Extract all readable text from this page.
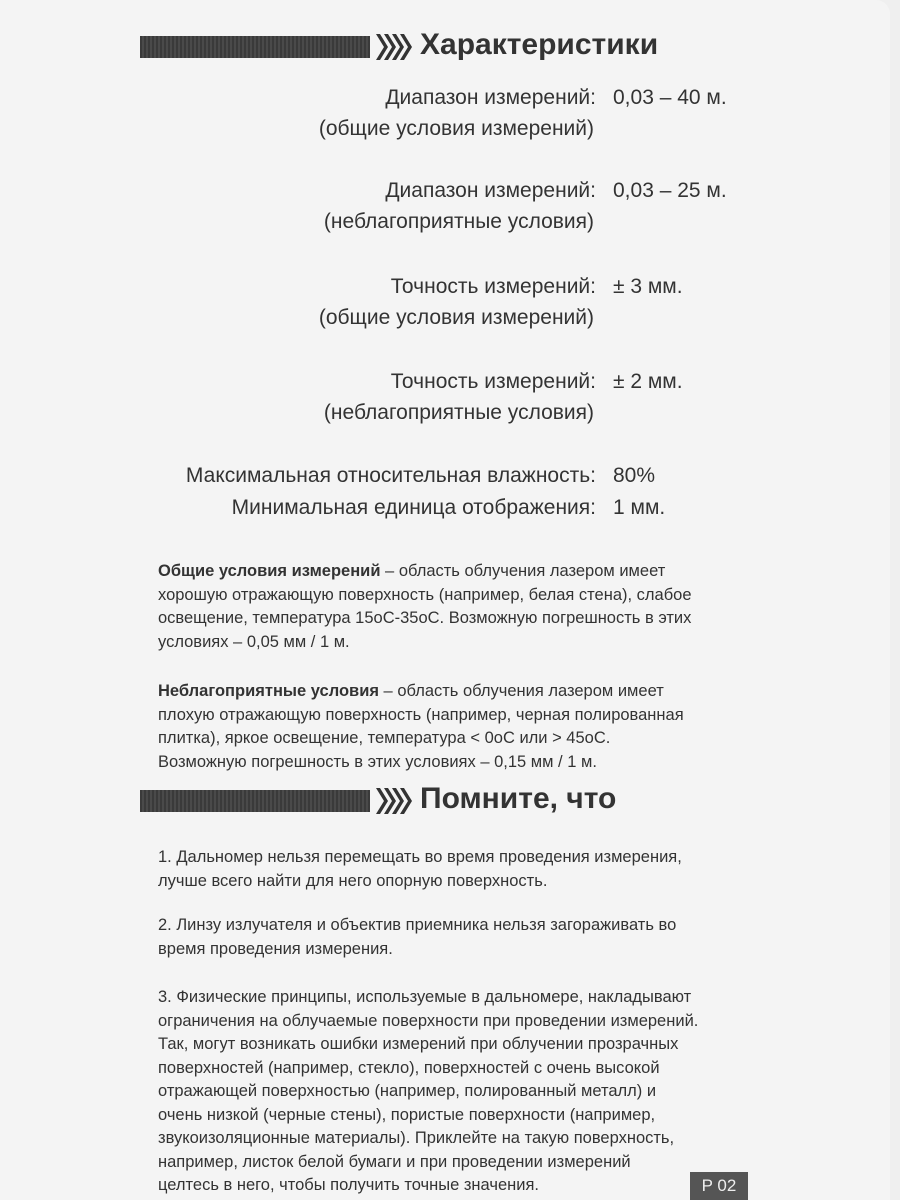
Характеристики
Диапазон измерений: 0,03 – 40 м.
(общие условия измерений)
Диапазон измерений: 0,03 – 25 м.
(неблагоприятные условия)
Точность измерений: ± 3 мм.
(общие условия измерений)
Точность измерений: ± 2 мм.
(неблагоприятные условия)
Максимальная относительная влажность: 80%
Минимальная единица отображения: 1 мм.
Общие условия измерений – область облучения лазером имеет
хорошую отражающую поверхность (например, белая стена), слабое
освещение, температура 15оС-35оС. Возможную погрешность в этих
условиях – 0,05 мм / 1 м.
Неблагоприятные условия – область облучения лазером имеет
плохую отражающую поверхность (например, черная полированная
плитка), яркое освещение, температура < 0оС или > 45оС.
Возможную погрешность в этих условиях – 0,15 мм / 1 м.
Помните, что
1. Дальномер нельзя перемещать во время проведения измерения,
лучше всего найти для него опорную поверхность.
2. Линзу излучателя и объектив приемника нельзя загораживать во
время проведения измерения.
3. Физические принципы, используемые в дальномере, накладывают
ограничения на облучаемые поверхности при проведении измерений.
Так, могут возникать ошибки измерений при облучении прозрачных
поверхностей (например, стекло), поверхностей с очень высокой
отражающей поверхностью (например, полированный металл) и
очень низкой (черные стены), пористые поверхности (например,
звукоизоляционные материалы). Приклейте на такую поверхность,
например, листок белой бумаги и при проведении измерений
целтесь в него, чтобы получить точные значения.	P 02
